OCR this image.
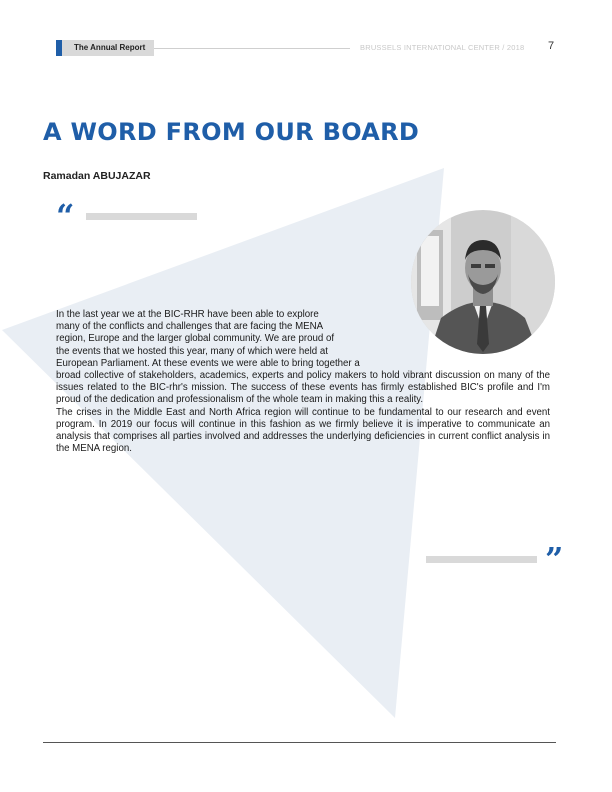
The Annual Report	BRUSSELS INTERNATIONAL CENTER / 2018 7
A WORD FROM OUR BOARD
Ramadan ABUJAZAR
“
In the last year we at the BIC-RHR have been able to explore
many of the conflicts and challenges that are facing the MENA
region, Europe and the larger global community. We are proud of
the events that we hosted this year, many of which were held at
European Parliament. At these events we were able to bring together a

broad collective of stakeholders, academics, experts and policy makers to hold vibrant discussion on many of the issues related to the BIC-rhr's mission. The success of these events has firmly established BIC's profile and I'm proud of the dedication and professionalism of the whole team in making this a reality.

The crises in the Middle East and North Africa region will continue to be fundamental to our research and event program. In 2019 our focus will continue in this fashion as we firmly believe it is imperative to communicate an analysis that comprises all parties involved and addresses the underlying deficiencies in current conflict analysis in the MENA region.

”
